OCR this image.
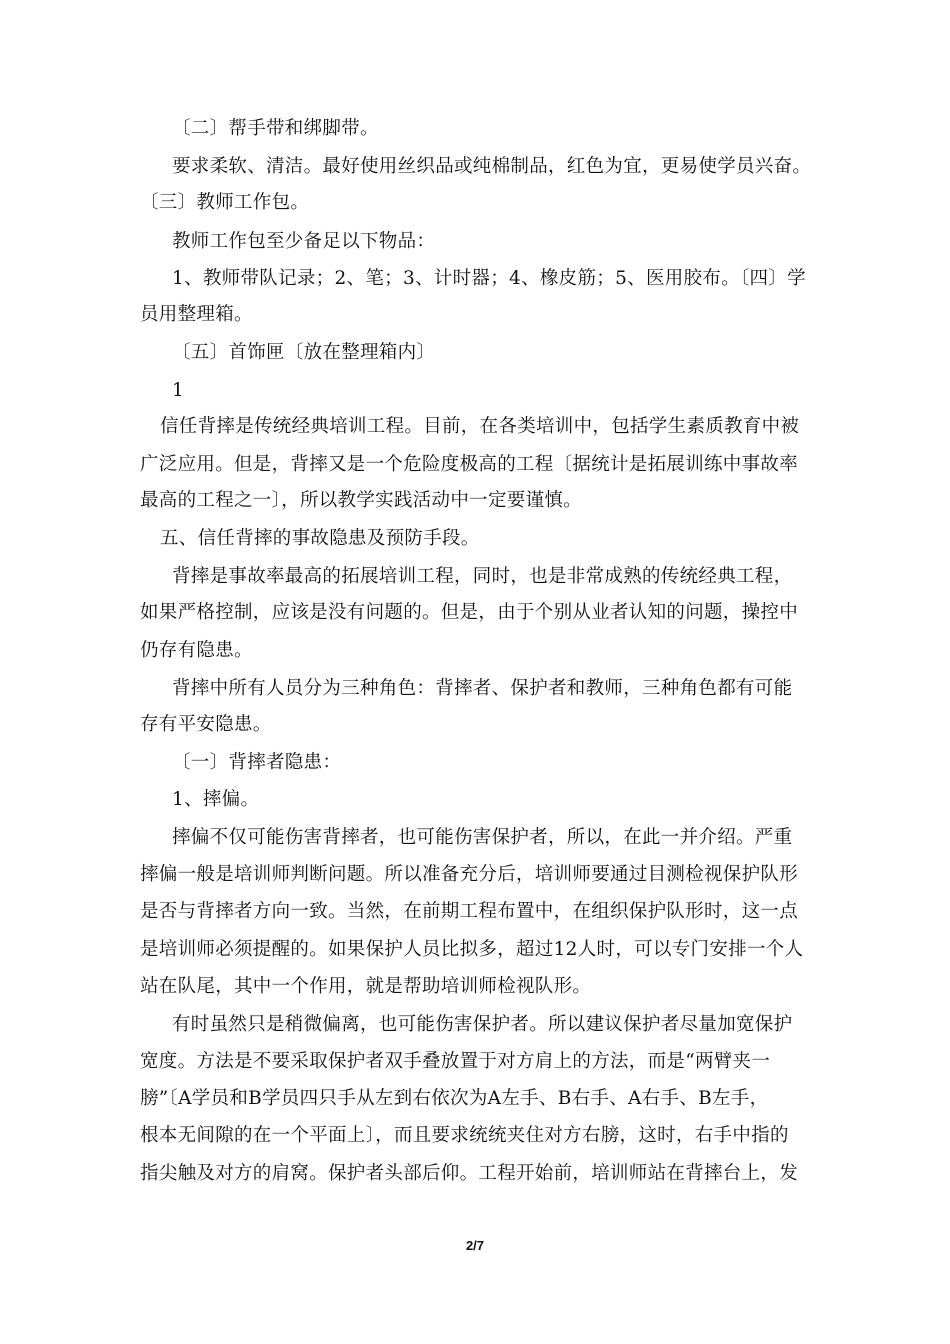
〔二〕帮手带和绑脚带。
要求柔软、清洁。最好使用丝织品或纯棉制品，红色为宜，更易使学员兴奋。
〔三〕教师工作包。
教师工作包至少备足以下物品：
1、教师带队记录；2、笔；3、计时器；4、橡皮筋；5、医用胶布。〔四〕学
员用整理箱。
〔五〕首饰匣〔放在整理箱内〕
1
信任背摔是传统经典培训工程。目前，在各类培训中，包括学生素质教育中被
广泛应用。但是，背摔又是一个危险度极高的工程〔据统计是拓展训练中事故率
最高的工程之一〕，所以教学实践活动中一定要谨慎。
五、信任背摔的事故隐患及预防手段。
背摔是事故率最高的拓展培训工程，同时，也是非常成熟的传统经典工程，
如果严格控制，应该是没有问题的。但是，由于个别从业者认知的问题，操控中
仍存有隐患。
背摔中所有人员分为三种角色：背摔者、保护者和教师，三种角色都有可能
存有平安隐患。
〔一〕背摔者隐患：
1、摔偏。
摔偏不仅可能伤害背摔者，也可能伤害保护者，所以，在此一并介绍。严重
摔偏一般是培训师判断问题。所以准备充分后，培训师要通过目测检视保护队形
是否与背摔者方向一致。当然，在前期工程布置中，在组织保护队形时，这一点
是培训师必须提醒的。如果保护人员比拟多，超过12人时，可以专门安排一个人
站在队尾，其中一个作用，就是帮助培训师检视队形。
有时虽然只是稍微偏离，也可能伤害保护者。所以建议保护者尽量加宽保护
宽度。方法是不要采取保护者双手叠放置于对方肩上的方法，而是“两臂夹一
膀”〔A学员和B学员四只手从左到右依次为A左手、B右手、A右手、B左手，
根本无间隙的在一个平面上〕，而且要求统统夹住对方右膀，这时，右手中指的
指尖触及对方的肩窝。保护者头部后仰。工程开始前，培训师站在背摔台上，发
2/7
